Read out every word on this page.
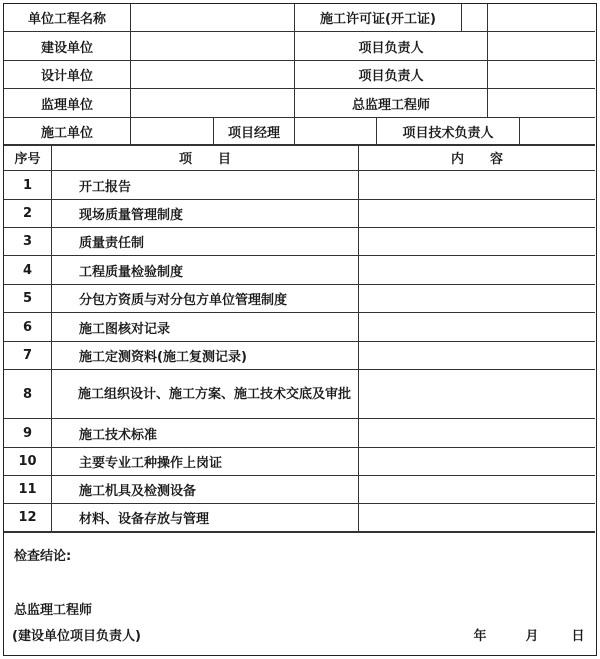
单位工程名称	施工许可证(开工证)
建设单位	项目负责人
设计单位	项目负责人
监理单位	总监理工程师
施工单位	项目经理	项目技术负责人
序号	项　　目	内　　容
1	开工报告
2	现场质量管理制度
3	质量责任制
4	工程质量检验制度
5	分包方资质与对分包方单位管理制度
6	施工图核对记录
7	施工定测资料(施工复测记录)
8	施工组织设计、施工方案、施工技术交底及审批
9	施工技术标准
10	主要专业工种操作上岗证
11	施工机具及检测设备
12	材料、设备存放与管理
检查结论:
总监理工程师
(建设单位项目负责人)	年	月	日
